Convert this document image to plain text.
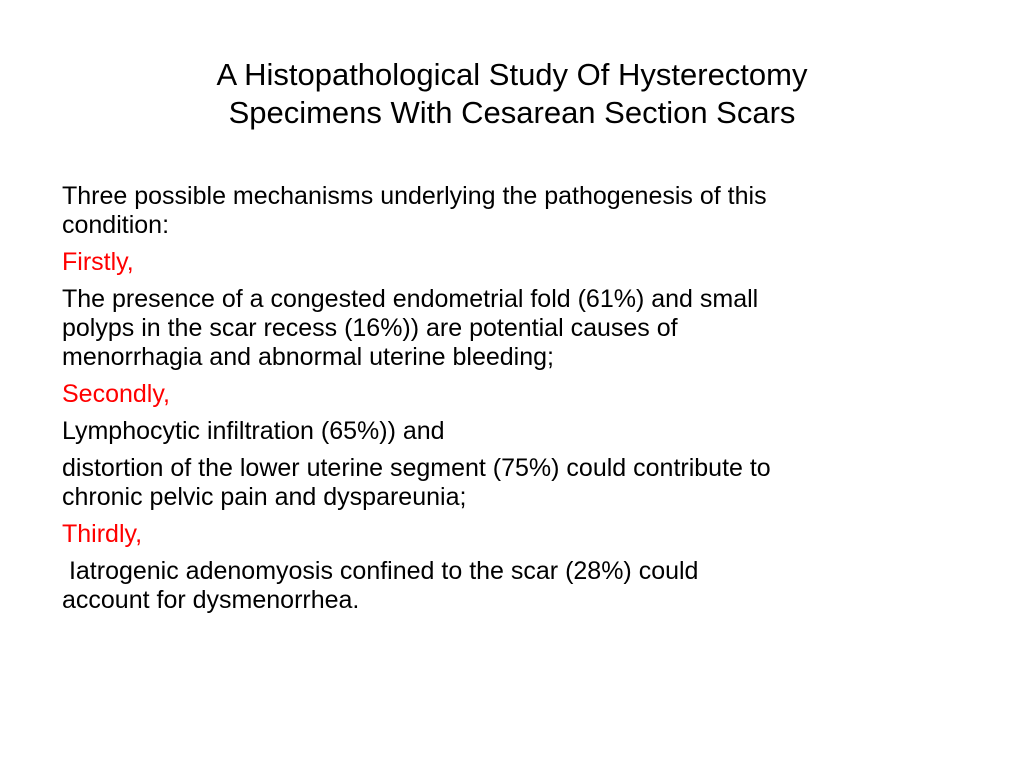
A Histopathological Study Of Hysterectomy
Specimens With Cesarean Section Scars

Three possible mechanisms underlying the pathogenesis of this
condition:

Firstly,

The presence of a congested endometrial fold (61%) and small
polyps in the scar recess (16%)) are potential causes of
menorrhagia and abnormal uterine bleeding;

Secondly,

Lymphocytic infiltration (65%)) and

distortion of the lower uterine segment (75%) could contribute to
chronic pelvic pain and dyspareunia;

Thirdly,

Iatrogenic adenomyosis confined to the scar (28%) could
account for dysmenorrhea.
